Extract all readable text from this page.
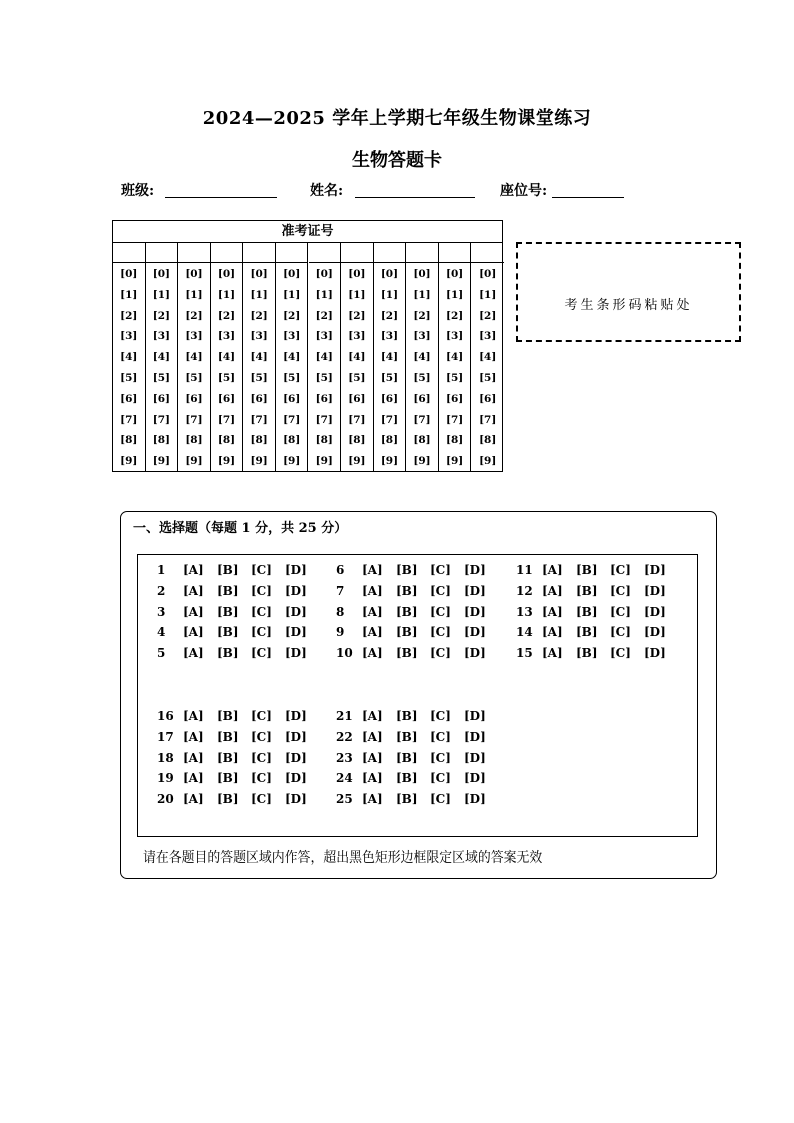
2024—2025 学年上学期七年级生物课堂练习
生物答题卡
班级:	姓名:	座位号:
准考证号
[0]
[1]
[2]
[3]
[4]
[5]
[6]
[7]
[8]
[9]
[0]
[1]
[2]
[3]
[4]
[5]
[6]
[7]
[8]
[9]
[0]
[1]
[2]
[3]
[4]
[5]
[6]
[7]
[8]
[9]
[0]
[1]
[2]
[3]
[4]
[5]
[6]
[7]
[8]
[9]
[0]
[1]
[2]
[3]
[4]
[5]
[6]
[7]
[8]
[9]
[0]
[1]
[2]
[3]
[4]
[5]
[6]
[7]
[8]
[9]
[0]
[1]
[2]
[3]
[4]
[5]
[6]
[7]
[8]
[9]
[0]
[1]
[2]
[3]
[4]
[5]
[6]
[7]
[8]
[9]
[0]
[1]
[2]
[3]
[4]
[5]
[6]
[7]
[8]
[9]
[0]
[1]
[2]
[3]
[4]
[5]
[6]
[7]
[8]
[9]
[0]
[1]
[2]
[3]
[4]
[5]
[6]
[7]
[8]
[9]
[0]
[1]
[2]
[3]
[4]
[5]
[6]
[7]
[8]
[9]
考生条形码粘贴处
一、选择题（每题 1 分，共 25 分）
1 [A] [B] [C] [D]
2 [A] [B] [C] [D]
3 [A] [B] [C] [D]
4 [A] [B] [C] [D]
5 [A] [B] [C] [D]
6 [A] [B] [C] [D]
7 [A] [B] [C] [D]
8 [A] [B] [C] [D]
9 [A] [B] [C] [D]
10 [A] [B] [C] [D]
11 [A] [B] [C] [D]
12 [A] [B] [C] [D]
13 [A] [B] [C] [D]
14 [A] [B] [C] [D]
15 [A] [B] [C] [D]
16 [A] [B] [C] [D]
17 [A] [B] [C] [D]
18 [A] [B] [C] [D]
19 [A] [B] [C] [D]
20 [A] [B] [C] [D]
21 [A] [B] [C] [D]
22 [A] [B] [C] [D]
23 [A] [B] [C] [D]
24 [A] [B] [C] [D]
25 [A] [B] [C] [D]
请在各题目的答题区域内作答，超出黑色矩形边框限定区域的答案无效
